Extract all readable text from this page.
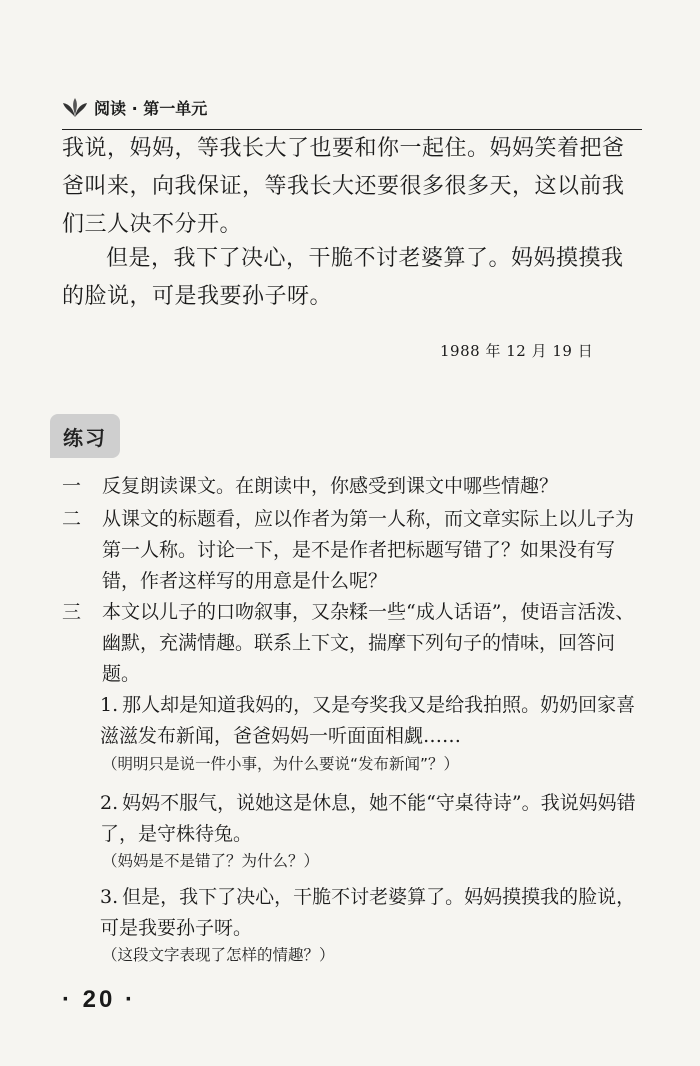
阅读 · 第一单元

我说，妈妈，等我长大了也要和你一起住。妈妈笑着把爸爸叫来，向我保证，等我长大还要很多很多天，这以前我们三人决不分开。

但是，我下了决心，干脆不讨老婆算了。妈妈摸摸我的脸说，可是我要孙子呀。

1988 年 12 月 19 日
练习
一 反复朗读课文。在朗读中，你感受到课文中哪些情趣？
二 从课文的标题看，应以作者为第一人称，而文章实际上以儿子为第一人称。讨论一下，是不是作者把标题写错了？如果没有写错，作者这样写的用意是什么呢？
三 本文以儿子的口吻叙事，又杂糅一些“成人话语”，使语言活泼、幽默，充满情趣。联系上下文，揣摩下列句子的情味，回答问题。
1. 那人却是知道我妈的，又是夸奖我又是给我拍照。奶奶回家喜滋滋发布新闻，爸爸妈妈一听面面相觑……
（明明只是说一件小事，为什么要说“发布新闻”？）
2. 妈妈不服气，说她这是休息，她不能“守桌待诗”。我说妈妈错了，是守株待兔。
（妈妈是不是错了？为什么？）
3. 但是，我下了决心，干脆不讨老婆算了。妈妈摸摸我的脸说，可是我要孙子呀。
（这段文字表现了怎样的情趣？）
· 20 ·
